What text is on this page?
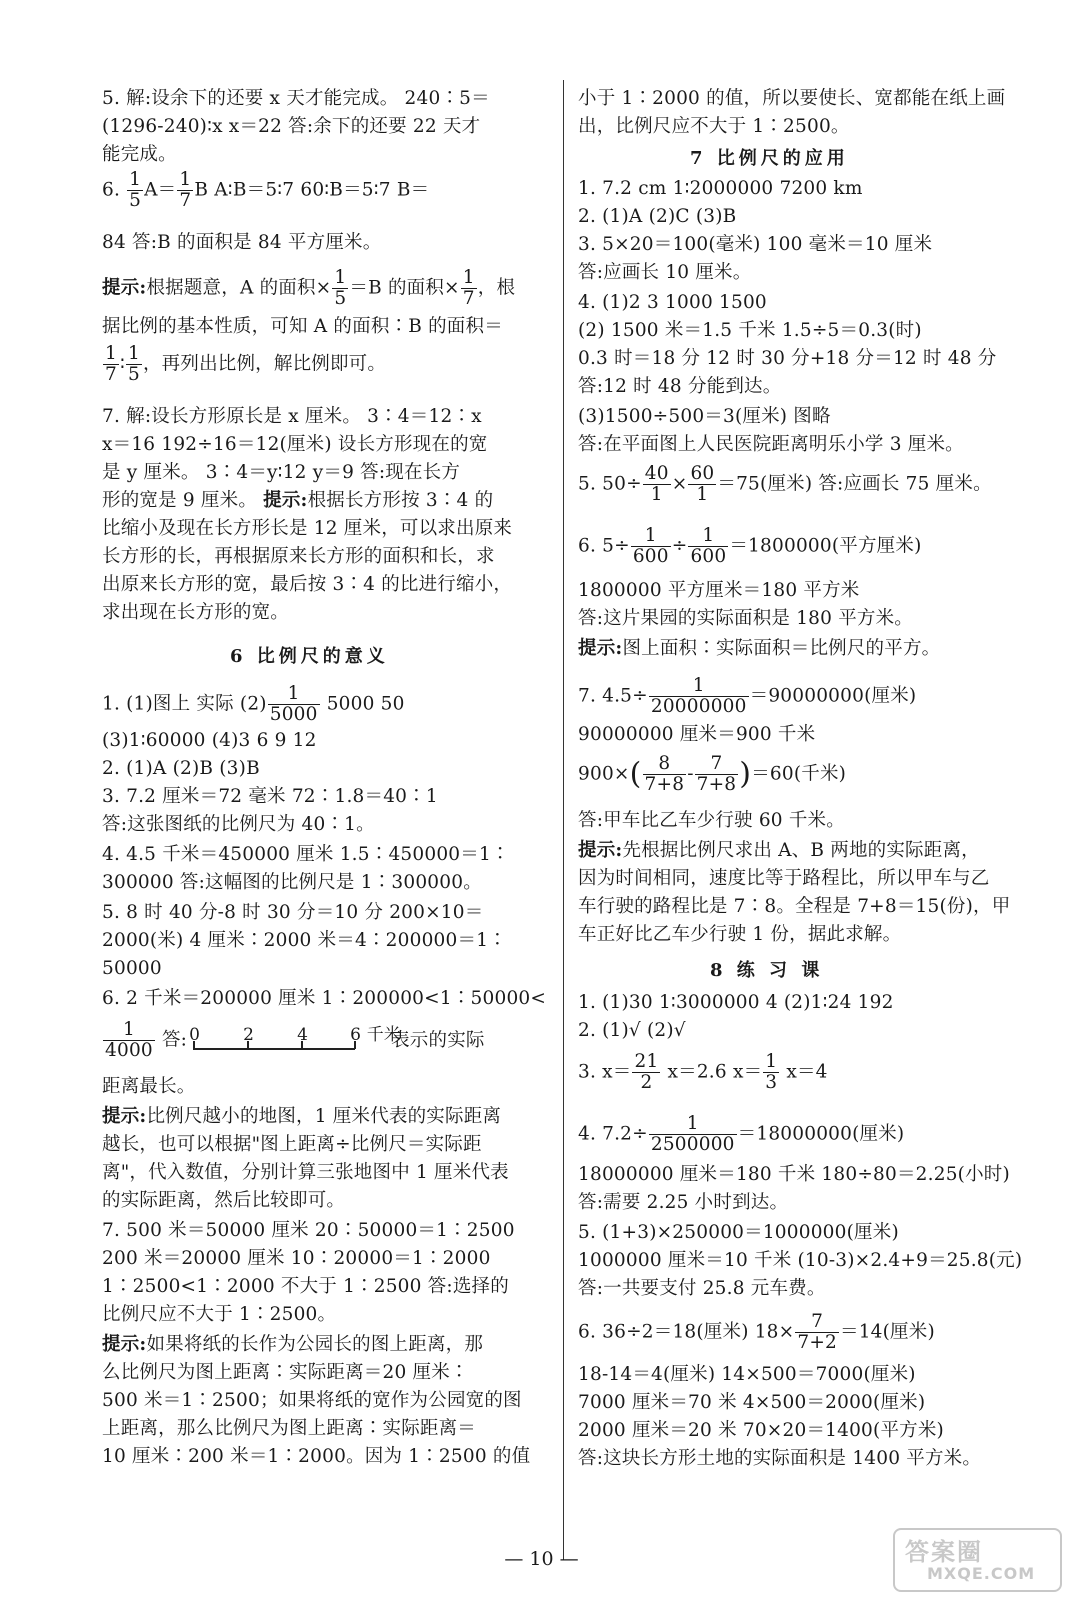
5. 解:设余下的还要 x 天才能完成。 240∶5＝
(1296-240)∶x x＝22 答:余下的还要 22 天才
能完成。
6. $\frac{1}{5} A= \frac{1}{7}$ B A∶B＝5∶7 60∶B＝5∶7 B＝
84 答:B 的面积是 84 平方厘米。
提示:根据题意，A 的面积× $\frac{1}{5} =B$ 的面积× $\frac{1}{7}$ ，根
据比例的基本性质，可知 A 的面积∶B 的面积＝
$\frac{1}{7}$ ∶ $\frac{1}{5}$ ，再列出比例，解比例即可。
7. 解:设长方形原长是 x 厘米。 3∶4＝12∶x
x＝16 192÷16＝12(厘米) 设长方形现在的宽
是 y 厘米。 3∶4＝y∶12 y＝9 答:现在长方
形的宽是 9 厘米。 提示:根据长方形按 3∶4 的
比缩小及现在长方形长是 12 厘米，可以求出原来
长方形的长，再根据原来长方形的面积和长，求
出原来长方形的宽，最后按 3∶4 的比进行缩小，
求出现在长方形的宽。
6 比例尺的意义
1. (1)图上 实际 $(2) \frac{1}{5000} 5000$ 50
(3)1∶60000 (4)3 6 9 12
2. (1)A (2)B (3)B
3. 7.2 厘米＝72 毫米 72∶1.8＝40∶1
答:这张图纸的比例尺为 40∶1。
4. 4.5 千米＝450000 厘米 1.5∶450000＝1∶
300000 答:这幅图的比例尺是 1∶300000。
5. 8 时 40 分-8 时 30 分＝10 分 200×10＝
2000(米) 4 厘米∶2000 米＝4∶200000＝1∶
50000
6. 2 千米＝200000 厘米 1∶200000<1∶50000<
$\frac{1}{4000}$ 答: 0	2	4 6 千米
表示的实际
距离最长。
提示:比例尺越小的地图，1 厘米代表的实际距离
越长，也可以根据"图上距离÷比例尺＝实际距
离"，代入数值，分别计算三张地图中 1 厘米代表
的实际距离，然后比较即可。
7. 500 米＝50000 厘米 20∶50000＝1∶2500
200 米＝20000 厘米 10∶20000＝1∶2000
1∶2500<1∶2000 不大于 1∶2500 答:选择的
比例尺应不大于 1∶2500。
提示:如果将纸的长作为公园长的图上距离，那
么比例尺为图上距离∶实际距离＝20 厘米∶
500 米＝1∶2500；如果将纸的宽作为公园宽的图
上距离，那么比例尺为图上距离∶实际距离＝
10 厘米∶200 米＝1∶2000。因为 1∶2500 的值
小于 1∶2000 的值，所以要使长、宽都能在纸上画
出，比例尺应不大于 1∶2500。
7 比例尺的应用
1. 7.2 cm 1∶2000000 7200 km
2. (1)A (2)C (3)B
3. 5×20＝100(毫米) 100 毫米＝10 厘米
答:应画长 10 厘米。
4. (1)2 3 1000 1500
(2) 1500 米＝1.5 千米 1.5÷5＝0.3(时)
0.3 时＝18 分 12 时 30 分+18 分＝12 时 48 分
答:12 时 48 分能到达。
(3)1500÷500＝3(厘米) 图略
答:在平面图上人民医院距离明乐小学 3 厘米。
5. $50\div \frac{40}{1} \times \frac{60}{1} =75$(厘米) 答:应画长 75 厘米。
6. $5\div \frac{1}{600} \div \frac{1}{600} =1800000$(平方厘米)
1800000 平方厘米＝180 平方米
答:这片果园的实际面积是 180 平方米。
提示:图上面积∶实际面积＝比例尺的平方。
7. $4.5\div \frac{1}{20000000} =90000000$(厘米)
90000000 厘米＝900 千米
$900\times( \frac{8}{7+8} - \frac{7}{7+8} )=60$(千米)
答:甲车比乙车少行驶 60 千米。
提示:先根据比例尺求出 A、B 两地的实际距离，
因为时间相同，速度比等于路程比，所以甲车与乙
车行驶的路程比是 7∶8。全程是 7+8＝15(份)，甲
车正好比乙车少行驶 1 份，据此求解。
8 练 习 课
1. (1)30 1∶3000000 4 (2)1∶24 192
2. (1)√ (2)√
3. $x= \frac{21}{2} x=2.6$ $x= \frac{1}{3} x=4$
4. $7.2\div \frac{1}{2500000} =18000000$(厘米)
18000000 厘米＝180 千米 180÷80＝2.25(小时)
答:需要 2.25 小时到达。
5. (1+3)×250000＝1000000(厘米)
1000000 厘米＝10 千米 (10-3)×2.4+9＝25.8(元)
答:一共要支付 25.8 元车费。
6. 36÷2＝18(厘米) $18\times \frac{7}{7+2} =14$(厘米)
18-14＝4(厘米) 14×500＝7000(厘米)
7000 厘米＝70 米 4×500＝2000(厘米)
2000 厘米＝20 米 70×20＝1400(平方米)
答:这块长方形土地的实际面积是 1400 平方米。
— 10 —	答案圈
MXQE.COM
